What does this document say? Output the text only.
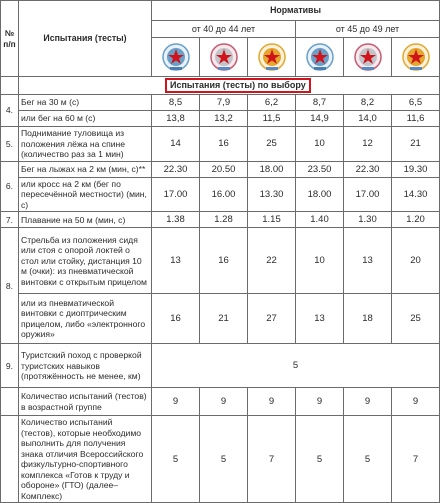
№ п/п	Испытания (тесты)	Нормативы					
		от 40 до 44 лет			от 45 до 49 лет		

	Испытания (тесты) по выбору						
4.	Бег на 30 м (с)	8,5	7,9	6,2	8,7	8,2	6,5
	или бег на 60 м (с)	13,8	13,2	11,5	14,9	14,0	11,6
5.	Поднимание туловища из положения лёжа на спине (количество раз за 1 мин)	14	16	25	10	12	21
6.	Бег на лыжах на 2 км (мин, с)**	22.30	20.50	18.00	23.50	22.30	19.30
	или кросс на 2 км (бег по пересечённой местности) (мин, с)	17.00	16.00	13.30	18.00	17.00	14.30
7.	Плавание на 50 м (мин, с)	1.38	1.28	1.15	1.40	1.30	1.20
8.	Стрельба из положения сидя или стоя с опорой локтей о стол или стойку, дистанция 10 м (очки): из пневматической винтовки с открытым прицелом	13	16	22	10	13	20
	или из пневматической винтовки с диоптрическим прицелом, либо «электронного оружия»	16	21	27	13	18	25
9.	Туристский поход с проверкой туристских навыков (протяжённость не менее, км)	5					
	Количество испытаний (тестов) в возрастной группе	9	9	9	9	9	9
	Количество испытаний (тестов), которые необходимо выполнить для получения знака отличия Всероссийского физкультурно-спортивного комплекса «Готов к труду и обороне» (ГТО) (далее–Комплекс)	5	5	7	5	5	7
